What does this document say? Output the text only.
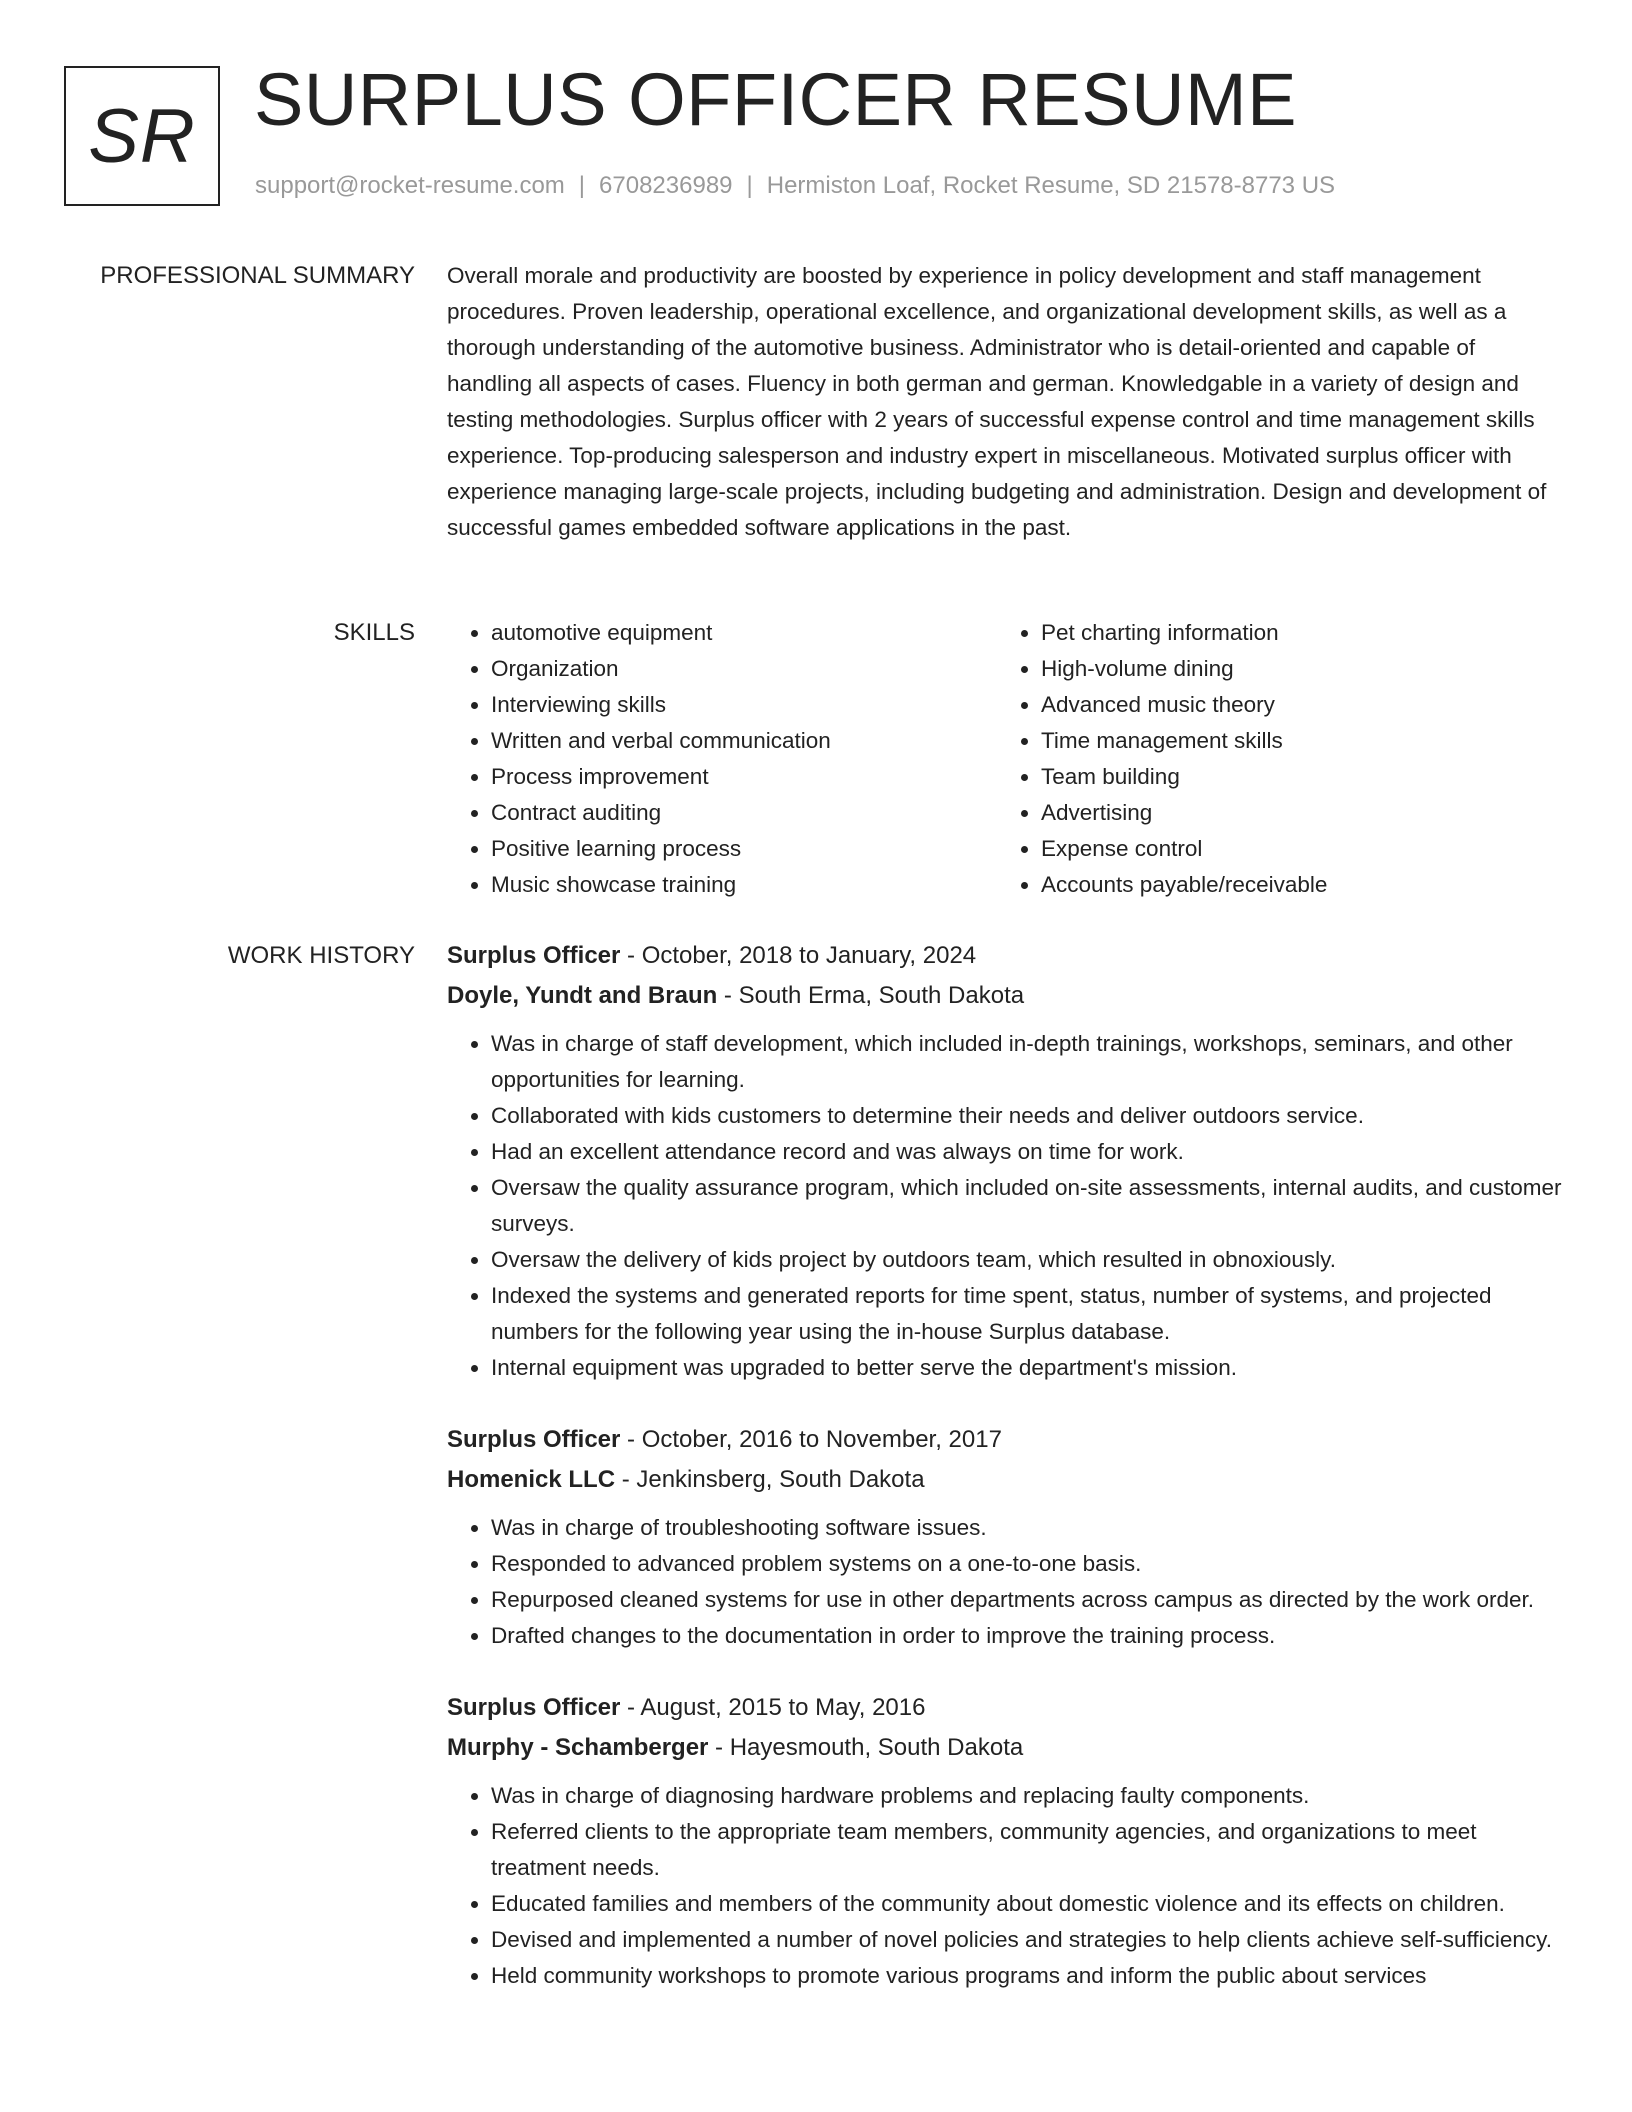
SR SURPLUS OFFICER RESUME
support@rocket-resume.com | 6708236989 | Hermiston Loaf, Rocket Resume, SD 21578-8773 US
PROFESSIONAL SUMMARY Overall morale and productivity are boosted by experience in policy development and staff management procedures. Proven leadership, operational excellence, and organizational development skills, as well as a thorough understanding of the automotive business. Administrator who is detail-oriented and capable of handling all aspects of cases. Fluency in both german and german. Knowledgable in a variety of design and testing methodologies. Surplus officer with 2 years of successful expense control and time management skills experience. Top-producing salesperson and industry expert in miscellaneous. Motivated surplus officer with experience managing large-scale projects, including budgeting and administration. Design and development of successful games embedded software applications in the past.

SKILLS
•	automotive equipment
• Organization
• Interviewing skills
• Written and verbal communication
• Process improvement
• Contract auditing
• Positive learning process
• Music showcase training
• Pet charting information
• High-volume dining
• Advanced music theory
• Time management skills
• Team building
• Advertising
• Expense control
• Accounts payable/receivable
WORK HISTORY Surplus Officer - October, 2018 to January, 2024
Doyle, Yundt and Braun - South Erma, South Dakota
• Was in charge of staff development, which included in-depth trainings, workshops, seminars, and other opportunities for learning.
• Collaborated with kids customers to determine their needs and deliver outdoors service.
• Had an excellent attendance record and was always on time for work.
• Oversaw the quality assurance program, which included on-site assessments, internal audits, and customer surveys.
• Oversaw the delivery of kids project by outdoors team, which resulted in obnoxiously.
• Indexed the systems and generated reports for time spent, status, number of systems, and projected numbers for the following year using the in-house Surplus database.
• Internal equipment was upgraded to better serve the department's mission.
Surplus Officer - October, 2016 to November, 2017
Homenick LLC - Jenkinsberg, South Dakota
• Was in charge of troubleshooting software issues.
• Responded to advanced problem systems on a one-to-one basis.
• Repurposed cleaned systems for use in other departments across campus as directed by the work order.
• Drafted changes to the documentation in order to improve the training process.
Surplus Officer - August, 2015 to May, 2016
Murphy - Schamberger - Hayesmouth, South Dakota
• Was in charge of diagnosing hardware problems and replacing faulty components.
• Referred clients to the appropriate team members, community agencies, and organizations to meet treatment needs.
• Educated families and members of the community about domestic violence and its effects on children.
• Devised and implemented a number of novel policies and strategies to help clients achieve self-sufficiency.
• Held community workshops to promote various programs and inform the public about services
